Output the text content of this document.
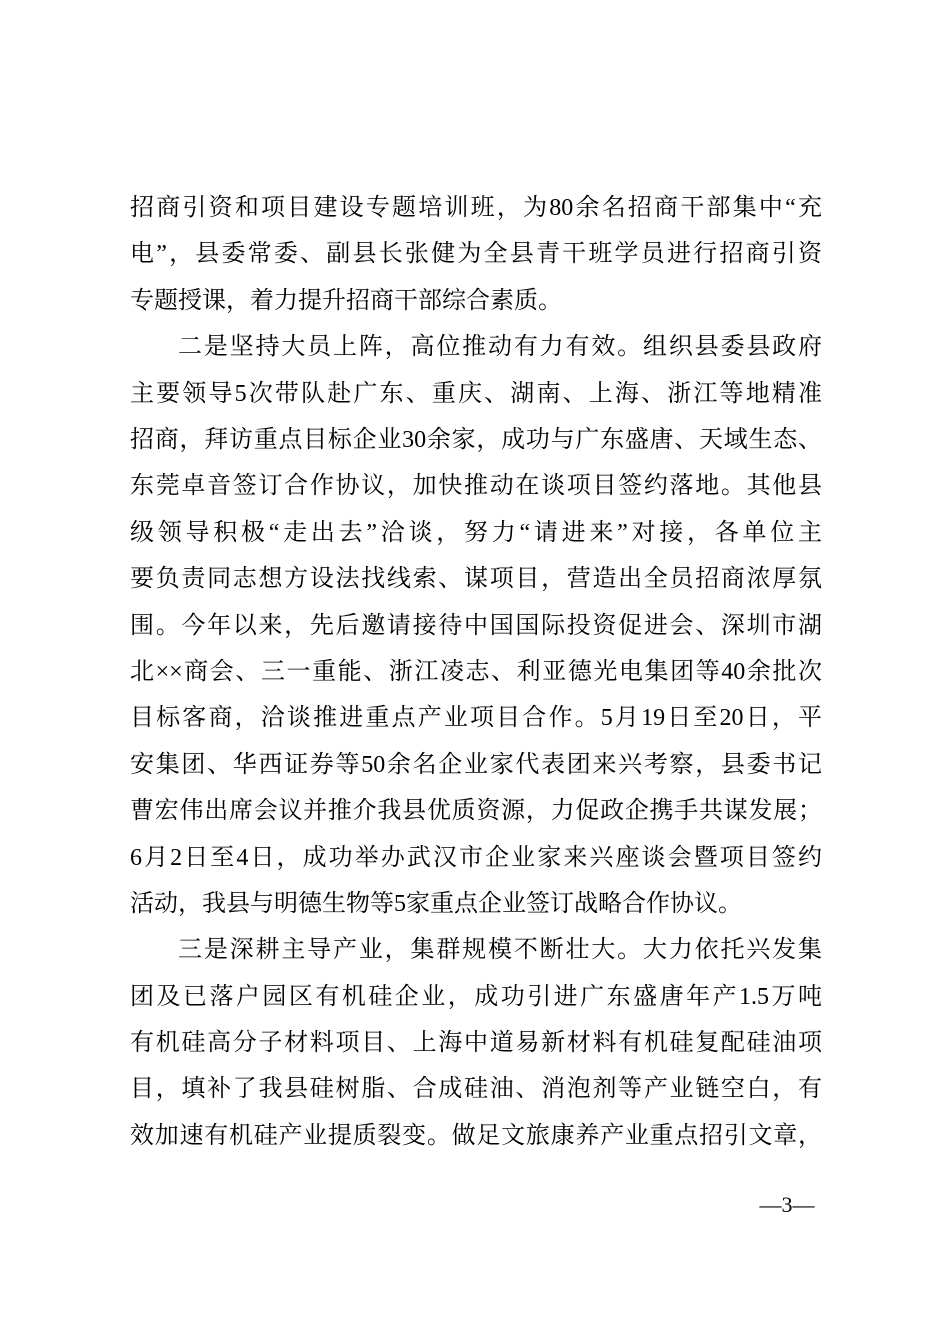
招商引资和项目建设专题培训班，为80余名招商干部集中“充
电”，县委常委、副县长张健为全县青干班学员进行招商引资
专题授课，着力提升招商干部综合素质。
二是坚持大员上阵，高位推动有力有效。组织县委县政府
主要领导5次带队赴广东、重庆、湖南、上海、浙江等地精准
招商，拜访重点目标企业30余家，成功与广东盛唐、天域生态、
东莞卓音签订合作协议，加快推动在谈项目签约落地。其他县
级领导积极“走出去”洽谈，努力“请进来”对接，各单位主
要负责同志想方设法找线索、谋项目，营造出全员招商浓厚氛
围。今年以来，先后邀请接待中国国际投资促进会、深圳市湖
北××商会、三一重能、浙江凌志、利亚德光电集团等40余批次
目标客商，洽谈推进重点产业项目合作。5月19日至20日，平
安集团、华西证券等50余名企业家代表团来兴考察，县委书记
曹宏伟出席会议并推介我县优质资源，力促政企携手共谋发展；
6月2日至4日，成功举办武汉市企业家来兴座谈会暨项目签约
活动，我县与明德生物等5家重点企业签订战略合作协议。
三是深耕主导产业，集群规模不断壮大。大力依托兴发集
团及已落户园区有机硅企业，成功引进广东盛唐年产1.5万吨
有机硅高分子材料项目、上海中道易新材料有机硅复配硅油项
目，填补了我县硅树脂、合成硅油、消泡剂等产业链空白，有
效加速有机硅产业提质裂变。做足文旅康养产业重点招引文章，
—3—
